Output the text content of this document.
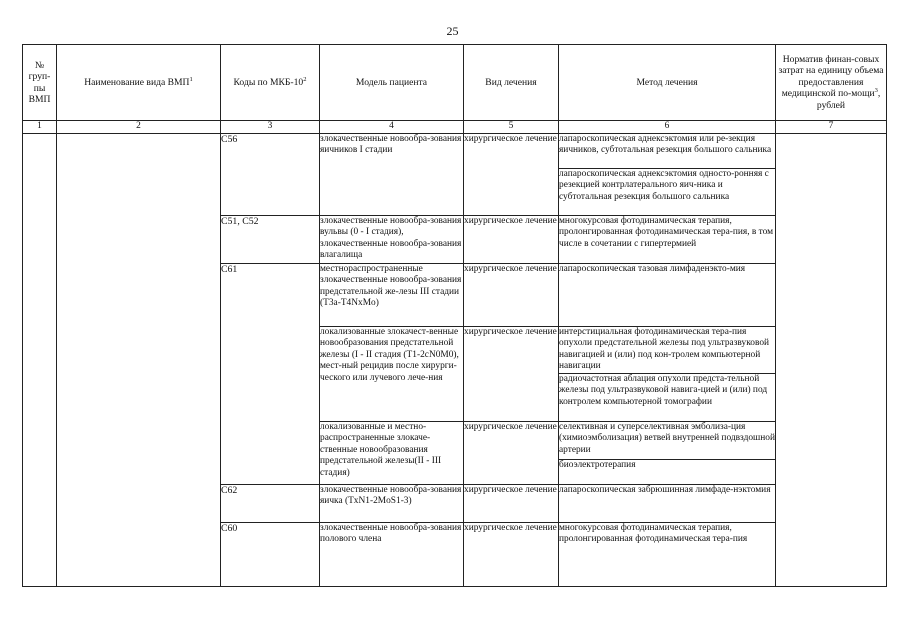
25
№ груп-пы ВМП	Наименование вида ВМП$^1$	Коды по МКБ-$10^2$	Модель пациента	Вид лечения	Метод лечения	Норматив финан-совых затрат на единицу объема предоставления медицинской по-мощи$^3$, рублей
1	2	3	4	5	6	7
		C56	злокачественные новообра-зования яичников I стадии	хирургическое лечение	лапароскопическая аднексэктомия или ре-зекция яичников, субтотальная резекция большого сальника	
					лапароскопическая аднексэктомия односто-ронняя с резекцией контрлатерального яич-ника и субтотальная резекция большого сальника	
		C51, C52	злокачественные новообра-зования вульвы (0 - I стадия), злокачественные новообра-зования влагалища	хирургическое лечение	многокурсовая фотодинамическая терапия, пролонгированная фотодинамическая тера-пия, в том числе в сочетании с гипертермией	
		C61	местнораспространенные злокачественные новообра-зования предстательной же-лезы III стадии (T3a-T4NxMo)	хирургическое лечение	лапароскопическая тазовая лимфаденэкто-мия	
			локализованные злокачест-венные новообразования предстательной железы (I - II стадия (T1-2cN0M0), мест-ный рецидив после хирурги-ческого или лучевого лече-ния	хирургическое лечение	интерстициальная фотодинамическая тера-пия опухоли предстательной железы под ультразвуковой навигацией и (или) под кон-тролем компьютерной навигации	
					радиочастотная аблация опухоли предста-тельной железы под ультразвуковой навига-цией и (или) под контролем компьютерной томографии	
			локализованные и местно-распространенные злокаче-ственные новообразования предстательной железы(II - III стадия)	хирургическое лечение	селективная и суперселективная эмболиза-ция (химиоэмболизация) ветвей внутренней подвздошной артерии	
					биоэлектротерапия	
		C62	злокачественные новообра-зования яичка (TxN1-2MoS1-3)	хирургическое лечение	лапароскопическая забрюшинная лимфаде-нэктомия	
		C60	злокачественные новообра-зования полового члена	хирургическое лечение	многокурсовая фотодинамическая терапия, пролонгированная фотодинамическая тера-пия	
